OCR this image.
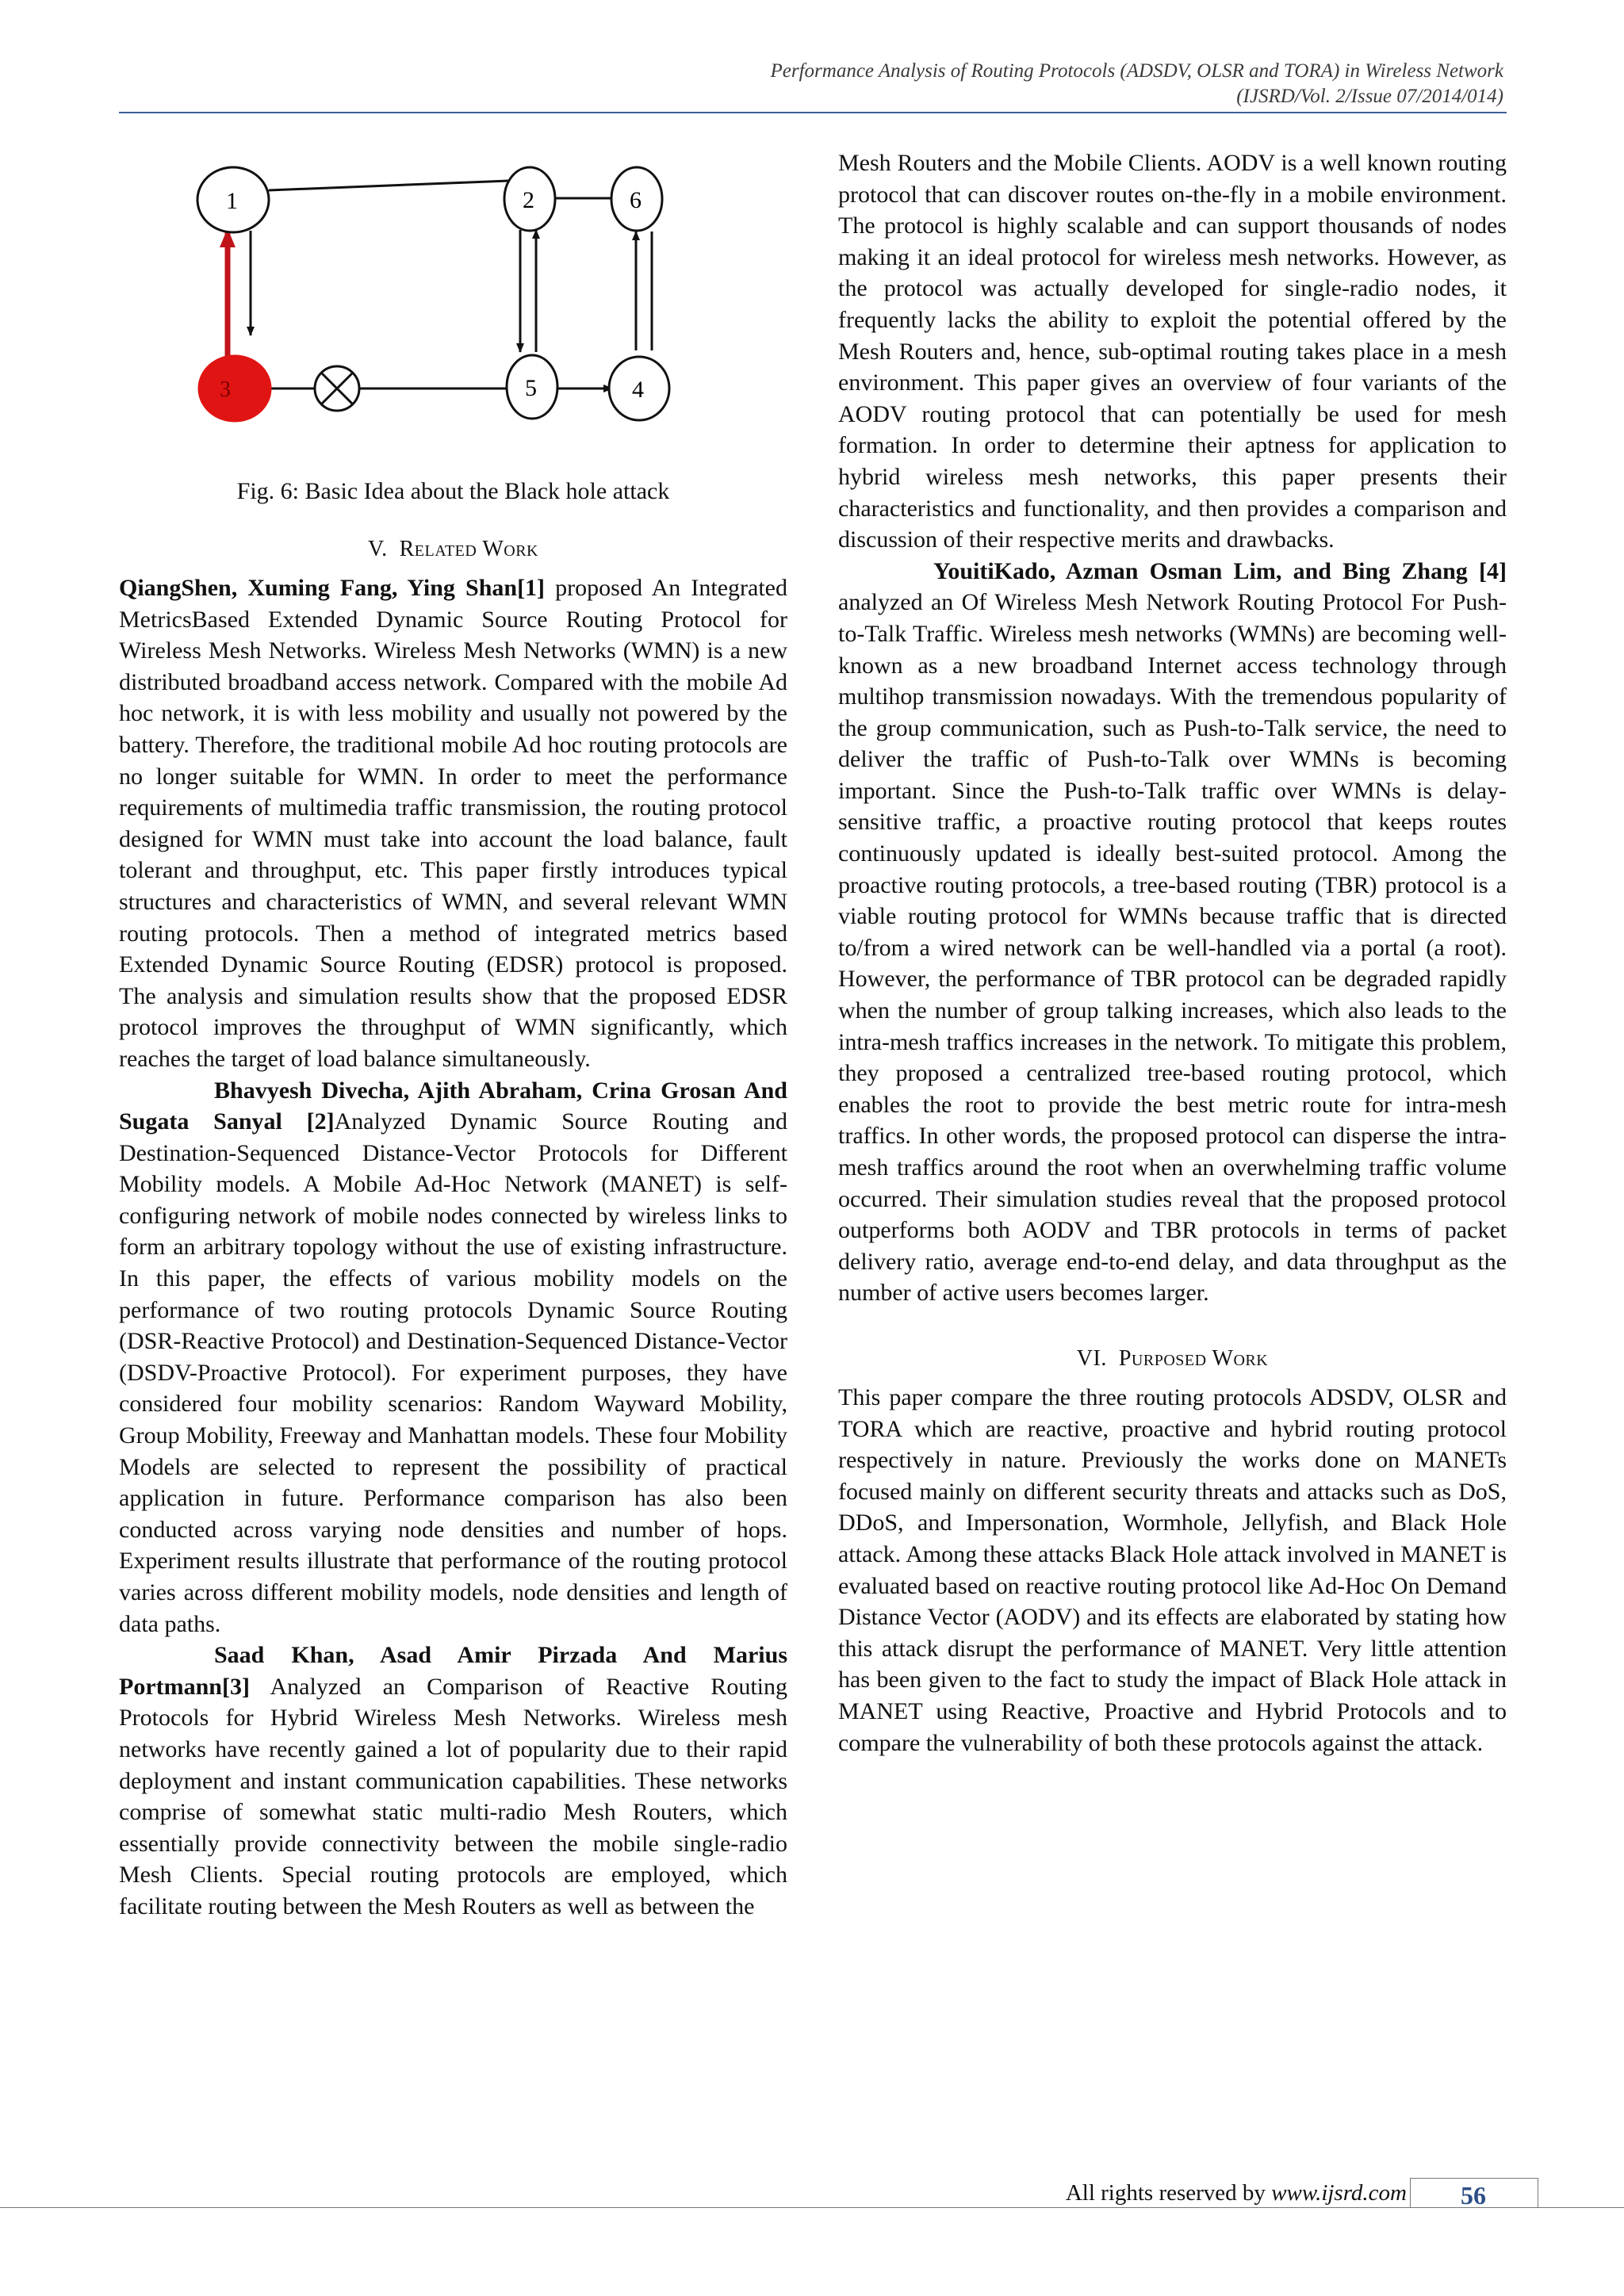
Performance Analysis of Routing Protocols (ADSDV, OLSR and TORA) in Wireless Network
(IJSRD/Vol. 2/Issue 07/2014/014)
1	2	6
3	5	4
Fig. 6: Basic Idea about the Black hole attack
V. Related Work

QiangShen, Xuming Fang, Ying Shan[1] proposed An Integrated MetricsBased Extended Dynamic Source Routing Protocol for Wireless Mesh Networks. Wireless Mesh Networks (WMN) is a new distributed broadband access network. Compared with the mobile Ad hoc network, it is with less mobility and usually not powered by the battery. Therefore, the traditional mobile Ad hoc routing protocols are no longer suitable for WMN. In order to meet the performance requirements of multimedia traffic transmission, the routing protocol designed for WMN must take into account the load balance, fault tolerant and throughput, etc. This paper firstly introduces typical structures and characteristics of WMN, and several relevant WMN routing protocols. Then a method of integrated metrics based Extended Dynamic Source Routing (EDSR) protocol is proposed. The analysis and simulation results show that the proposed EDSR protocol improves the throughput of WMN significantly, which reaches the target of load balance simultaneously.

Bhavyesh Divecha, Ajith Abraham, Crina Grosan And Sugata Sanyal [2]Analyzed Dynamic Source Routing and Destination-Sequenced Distance-Vector Protocols for Different Mobility models. A Mobile Ad-Hoc Network (MANET) is self-configuring network of mobile nodes connected by wireless links to form an arbitrary topology without the use of existing infrastructure. In this paper, the effects of various mobility models on the performance of two routing protocols Dynamic Source Routing (DSR-Reactive Protocol) and Destination-Sequenced Distance-Vector (DSDV-Proactive Protocol). For experiment purposes, they have considered four mobility scenarios: Random Wayward Mobility, Group Mobility, Freeway and Manhattan models. These four Mobility Models are selected to represent the possibility of practical application in future. Performance comparison has also been conducted across varying node densities and number of hops. Experiment results illustrate that performance of the routing protocol varies across different mobility models, node densities and length of data paths.

Saad Khan, Asad Amir Pirzada And Marius Portmann[3] Analyzed an Comparison of Reactive Routing Protocols for Hybrid Wireless Mesh Networks. Wireless mesh networks have recently gained a lot of popularity due to their rapid deployment and instant communication capabilities. These networks comprise of somewhat static multi-radio Mesh Routers, which essentially provide connectivity between the mobile single-radio Mesh Clients. Special routing protocols are employed, which facilitate routing between the Mesh Routers as well as between the

Mesh Routers and the Mobile Clients. AODV is a well known routing protocol that can discover routes on-the-fly in a mobile environment. The protocol is highly scalable and can support thousands of nodes making it an ideal protocol for wireless mesh networks. However, as the protocol was actually developed for single-radio nodes, it frequently lacks the ability to exploit the potential offered by the Mesh Routers and, hence, sub-optimal routing takes place in a mesh environment. This paper gives an overview of four variants of the AODV routing protocol that can potentially be used for mesh formation. In order to determine their aptness for application to hybrid wireless mesh networks, this paper presents their characteristics and functionality, and then provides a comparison and discussion of their respective merits and drawbacks.

YouitiKado, Azman Osman Lim, and Bing Zhang [4] analyzed an Of Wireless Mesh Network Routing Protocol For Push-to-Talk Traffic. Wireless mesh networks (WMNs) are becoming well-known as a new broadband Internet access technology through multihop transmission nowadays. With the tremendous popularity of the group communication, such as Push-to-Talk service, the need to deliver the traffic of Push-to-Talk over WMNs is becoming important. Since the Push-to-Talk traffic over WMNs is delay-sensitive traffic, a proactive routing protocol that keeps routes continuously updated is ideally best-suited protocol. Among the proactive routing protocols, a tree-based routing (TBR) protocol is a viable routing protocol for WMNs because traffic that is directed to/from a wired network can be well-handled via a portal (a root). However, the performance of TBR protocol can be degraded rapidly when the number of group talking increases, which also leads to the intra-mesh traffics increases in the network. To mitigate this problem, they proposed a centralized tree-based routing protocol, which enables the root to provide the best metric route for intra-mesh traffics. In other words, the proposed protocol can disperse the intra-mesh traffics around the root when an overwhelming traffic volume occurred. Their simulation studies reveal that the proposed protocol outperforms both AODV and TBR protocols in terms of packet delivery ratio, average end-to-end delay, and data throughput as the number of active users becomes larger.

VI. Purposed Work

This paper compare the three routing protocols ADSDV, OLSR and TORA which are reactive, proactive and hybrid routing protocol respectively in nature. Previously the works done on MANETs focused mainly on different security threats and attacks such as DoS, DDoS, and Impersonation, Wormhole, Jellyfish, and Black Hole attack. Among these attacks Black Hole attack involved in MANET is evaluated based on reactive routing protocol like Ad-Hoc On Demand Distance Vector (AODV) and its effects are elaborated by stating how this attack disrupt the performance of MANET. Very little attention has been given to the fact to study the impact of Black Hole attack in MANET using Reactive, Proactive and Hybrid Protocols and to compare the vulnerability of both these protocols against the attack.

All rights reserved by www.ijsrd.com	56
